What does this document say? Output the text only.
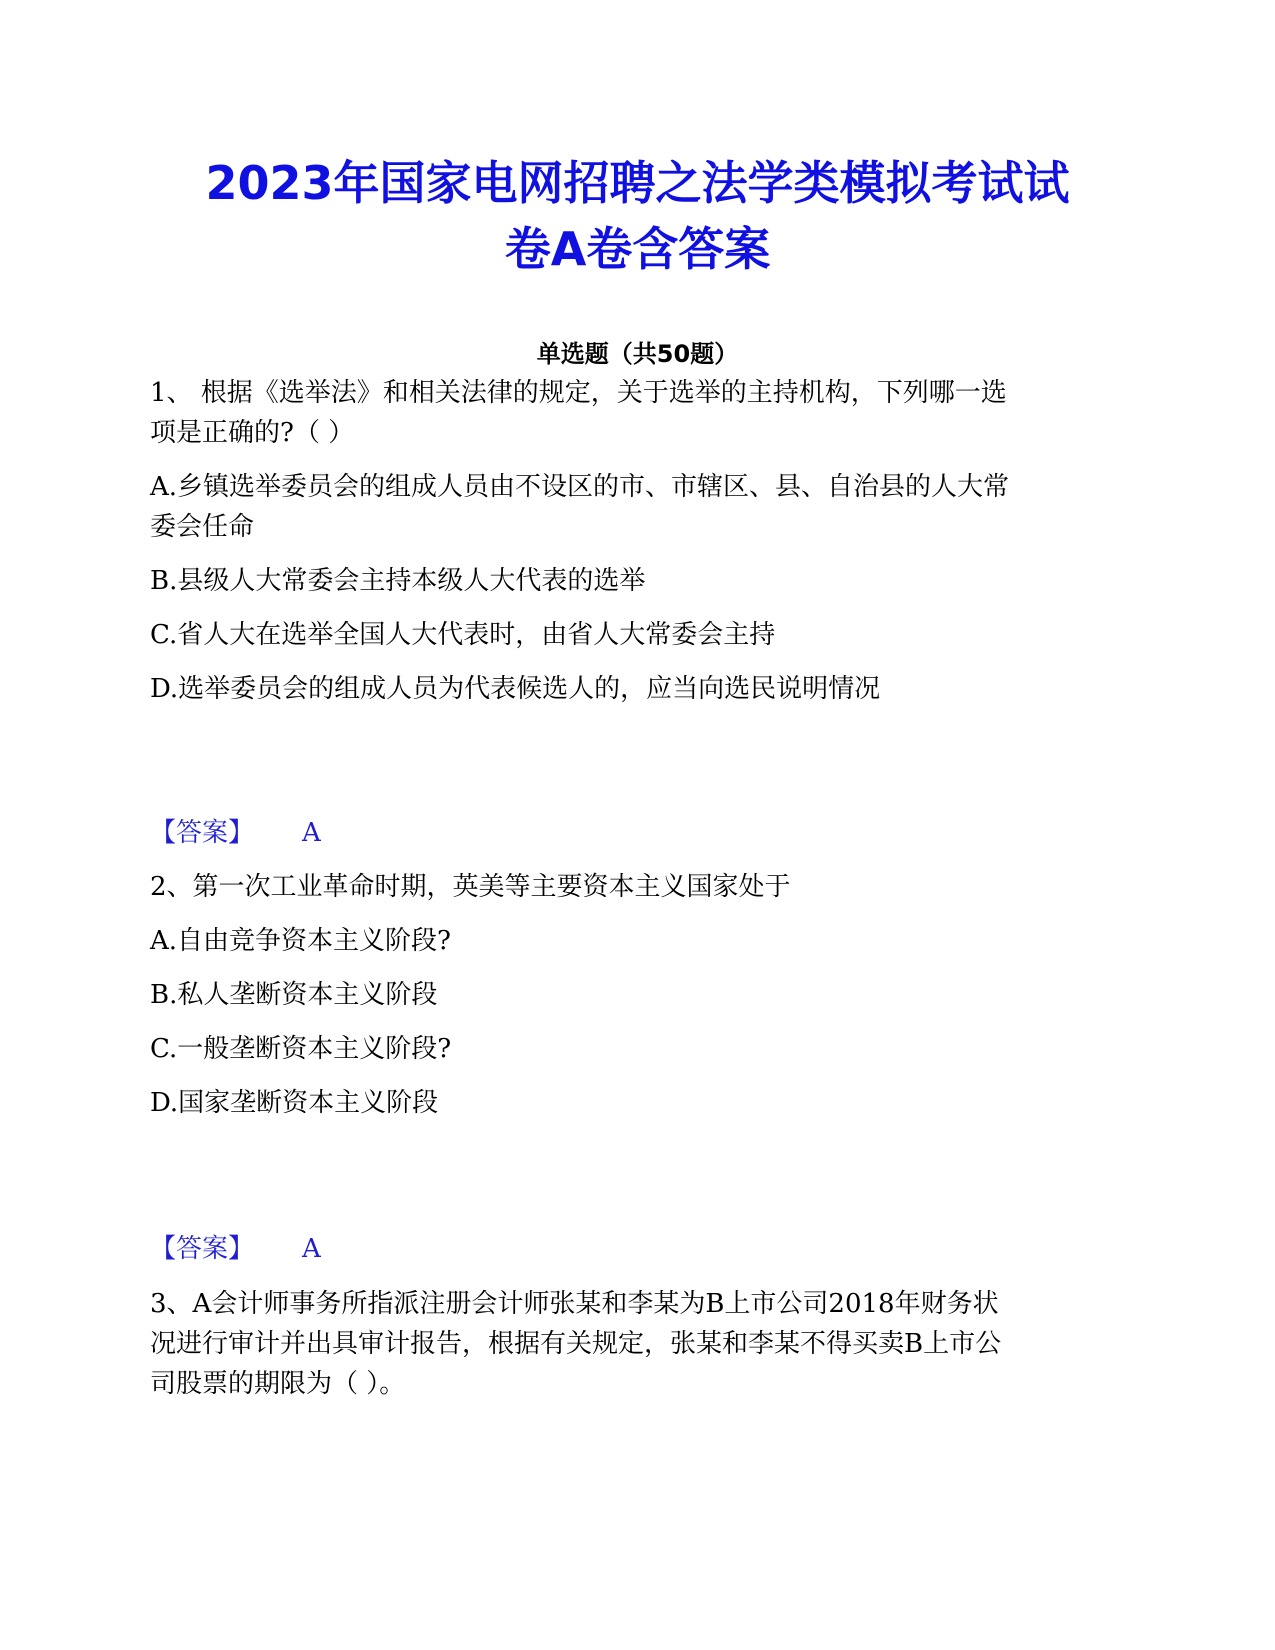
2023年国家电网招聘之法学类模拟考试试
卷A卷含答案

单选题（共50题）

1、 根据《选举法》和相关法律的规定，关于选举的主持机构，下列哪一选

项是正确的?（ ）

A.乡镇选举委员会的组成人员由不设区的市、市辖区、县、自治县的人大常

委会任命

B.县级人大常委会主持本级人大代表的选举

C.省人大在选举全国人大代表时，由省人大常委会主持

D.选举委员会的组成人员为代表候选人的，应当向选民说明情况

【答案】 A

2、第一次工业革命时期，英美等主要资本主义国家处于

A.自由竞争资本主义阶段?

B.私人垄断资本主义阶段

C.一般垄断资本主义阶段?

D.国家垄断资本主义阶段

【答案】 A

3、A会计师事务所指派注册会计师张某和李某为B上市公司2018年财务状

况进行审计并出具审计报告，根据有关规定，张某和李某不得买卖B上市公

司股票的期限为（ ）。
